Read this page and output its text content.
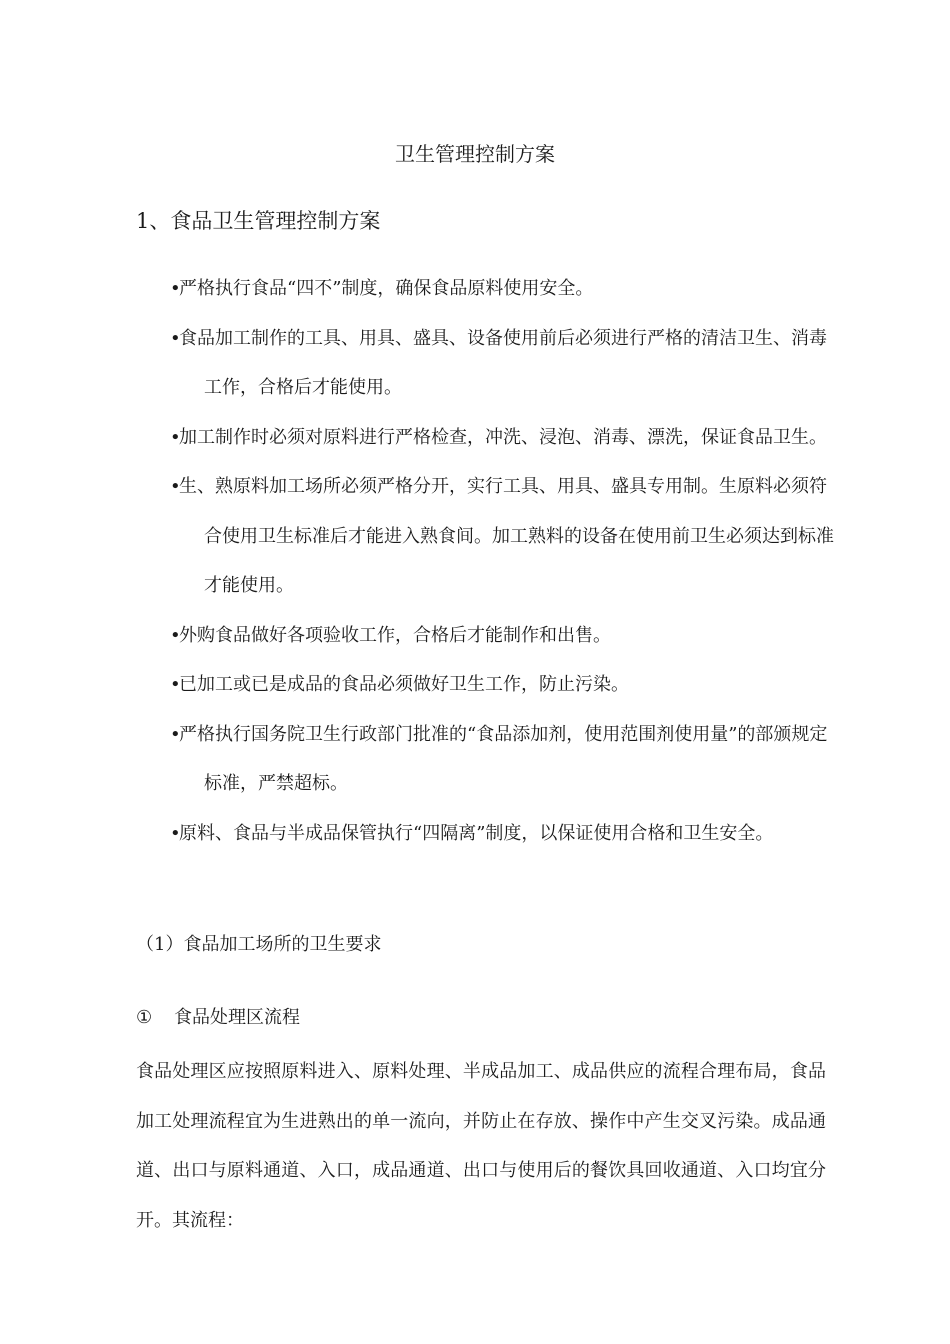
卫生管理控制方案
1、食品卫生管理控制方案
•严格执行食品“四不”制度，确保食品原料使用安全。
•食品加工制作的工具、用具、盛具、设备使用前后必须进行严格的清洁卫生、消毒工作，合格后才能使用。
•加工制作时必须对原料进行严格检查，冲洗、浸泡、消毒、漂洗，保证食品卫生。
•生、熟原料加工场所必须严格分开，实行工具、用具、盛具专用制。生原料必须符合使用卫生标准后才能进入熟食间。加工熟料的设备在使用前卫生必须达到标准才能使用。
•外购食品做好各项验收工作，合格后才能制作和出售。
•已加工或已是成品的食品必须做好卫生工作，防止污染。
•严格执行国务院卫生行政部门批准的“食品添加剂，使用范围剂使用量”的部颁规定标准，严禁超标。
•原料、食品与半成品保管执行“四隔离”制度，以保证使用合格和卫生安全。
（1）食品加工场所的卫生要求
① 食品处理区流程

食品处理区应按照原料进入、原料处理、半成品加工、成品供应的流程合理布局，食品加工处理流程宜为生进熟出的单一流向，并防止在存放、操作中产生交叉污染。成品通道、出口与原料通道、入口，成品通道、出口与使用后的餐饮具回收通道、入口均宜分开。其流程：
